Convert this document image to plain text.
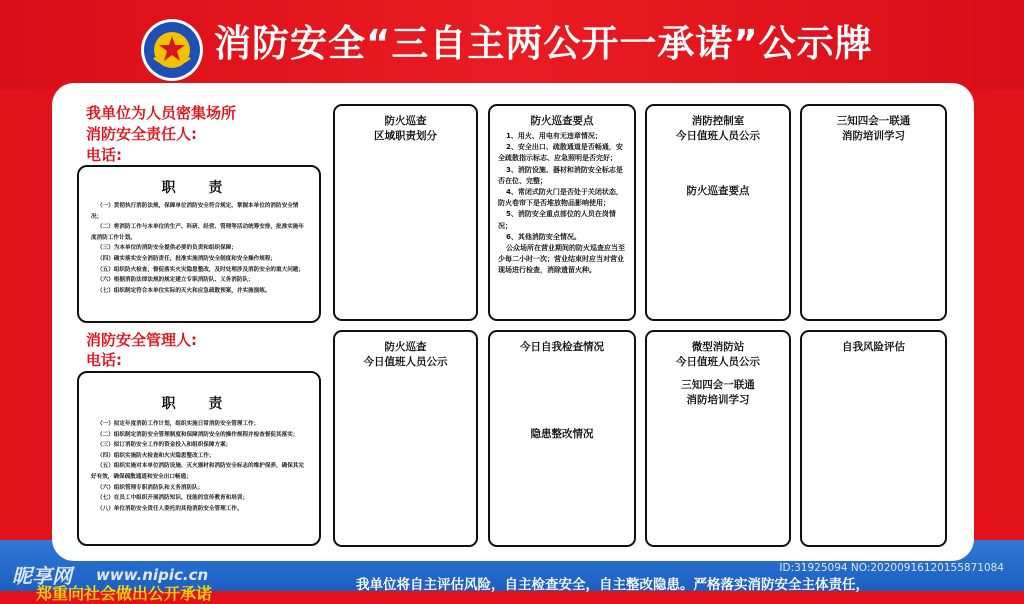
消防安全“三自主两公开一承诺”公示牌
我单位为人员密集场所
消防安全责任人:
电话:
职 责
（一）贯彻执行消防法规，保障单位消防安全符合规定，掌握本单位的消防安全情况；
（二）将消防工作与本单位的生产、科研、经营、管理等活动统筹安排，批准实施年度消防工作计划。
（三）为本单位的消防安全提供必要的负责和组织保障；
（四）确实落实安全消防责任，批准实施消防安全制度和安全操作规程；
（五）组织防火检查，督促落实火灾隐患整改，及时处理涉及消防安全的重大问题；
（六）根据消防法律法规的规定建立专职消防队、义务消防队；
（七）组织制定符合本单位实际的灭火和应急疏散预案，并实施演练。
消防安全管理人:
电话:
职 责
（一）拟定年度消防工作计划，组织实施日常消防安全管理工作；
（二）组织制定消防安全管理制度和保障消防安全的操作规程并检查督促其落实；
（三）拟订消防安全工作的资金投入和组织保障方案；
（四）组织实施防火检查和火灾隐患整改工作；
（五）组织实施对本单位消防设施、灭火器材和消防安全标志的维护保养，确保其完好有效，确保疏散通道和安全出口畅通；
（六）组织管理专职消防队和义务消防队；
（七）在员工中组织开展消防知识、技能的宣传教育和培训；
（八）单位消防安全责任人委托的其他消防安全管理工作。
防火巡查
区域职责划分
防火巡查要点
1、用火、用电有无违章情况；
2、安全出口、疏散通道是否畅通，安全疏散指示标志、应急照明是否完好；
3、消防设施、器材和消防安全标志是否在位、完整；
4、常闭式防火门是否处于关闭状态，防火卷帘下是否堆放物品影响使用；
5、消防安全重点部位的人员在岗情况；
6、其他消防安全情况。
公众场所在营业期间的防火巡查应当至少每二小时一次；营业结束时应当对营业现场进行检查，消除遗留火种。
消防控制室
今日值班人员公示
防火巡查要点
三知四会一联通
消防培训学习
防火巡查
今日值班人员公示
今日自我检查情况
隐患整改情况
微型消防站
今日值班人员公示
三知四会一联通
消防培训学习
自我风险评估
我单位将自主评估风险，自主检查安全，自主整改隐患。严格落实消防安全主体责任，
郑重向社会做出公开承诺
昵享网 www.nipic.cn	ID:31925094 NO:20200916120155871084
